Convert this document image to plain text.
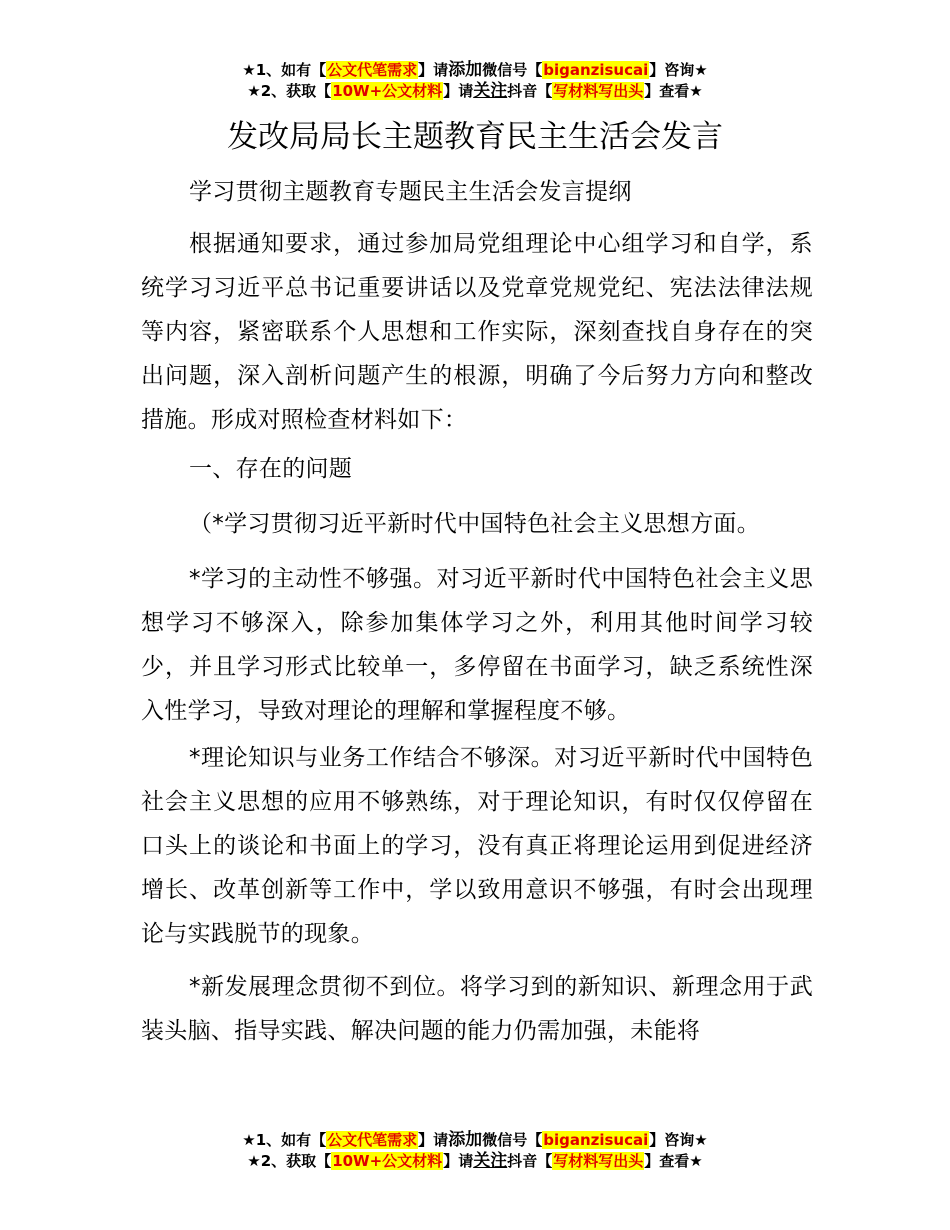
★1、如有【公文代笔需求】请添加微信号【biganzisucai】咨询★
★2、获取【10W+公文材料】请关注抖音【写材料写出头】查看★
发改局局长主题教育民主生活会发言

学习贯彻主题教育专题民主生活会发言提纲

根据通知要求，通过参加局党组理论中心组学习和自学，系统学习习近平总书记重要讲话以及党章党规党纪、宪法法律法规等内容，紧密联系个人思想和工作实际，深刻查找自身存在的突出问题，深入剖析问题产生的根源，明确了今后努力方向和整改措施。形成对照检查材料如下：

一、存在的问题

（*学习贯彻习近平新时代中国特色社会主义思想方面。

*学习的主动性不够强。对习近平新时代中国特色社会主义思想学习不够深入，除参加集体学习之外，利用其他时间学习较少，并且学习形式比较单一，多停留在书面学习，缺乏系统性深入性学习，导致对理论的理解和掌握程度不够。

*理论知识与业务工作结合不够深。对习近平新时代中国特色社会主义思想的应用不够熟练，对于理论知识，有时仅仅停留在口头上的谈论和书面上的学习，没有真正将理论运用到促进经济增长、改革创新等工作中，学以致用意识不够强，有时会出现理论与实践脱节的现象。

*新发展理念贯彻不到位。将学习到的新知识、新理念用于武装头脑、指导实践、解决问题的能力仍需加强，未能将

★1、如有【公文代笔需求】请添加微信号【biganzisucai】咨询★
★2、获取【10W+公文材料】请关注抖音【写材料写出头】查看★
